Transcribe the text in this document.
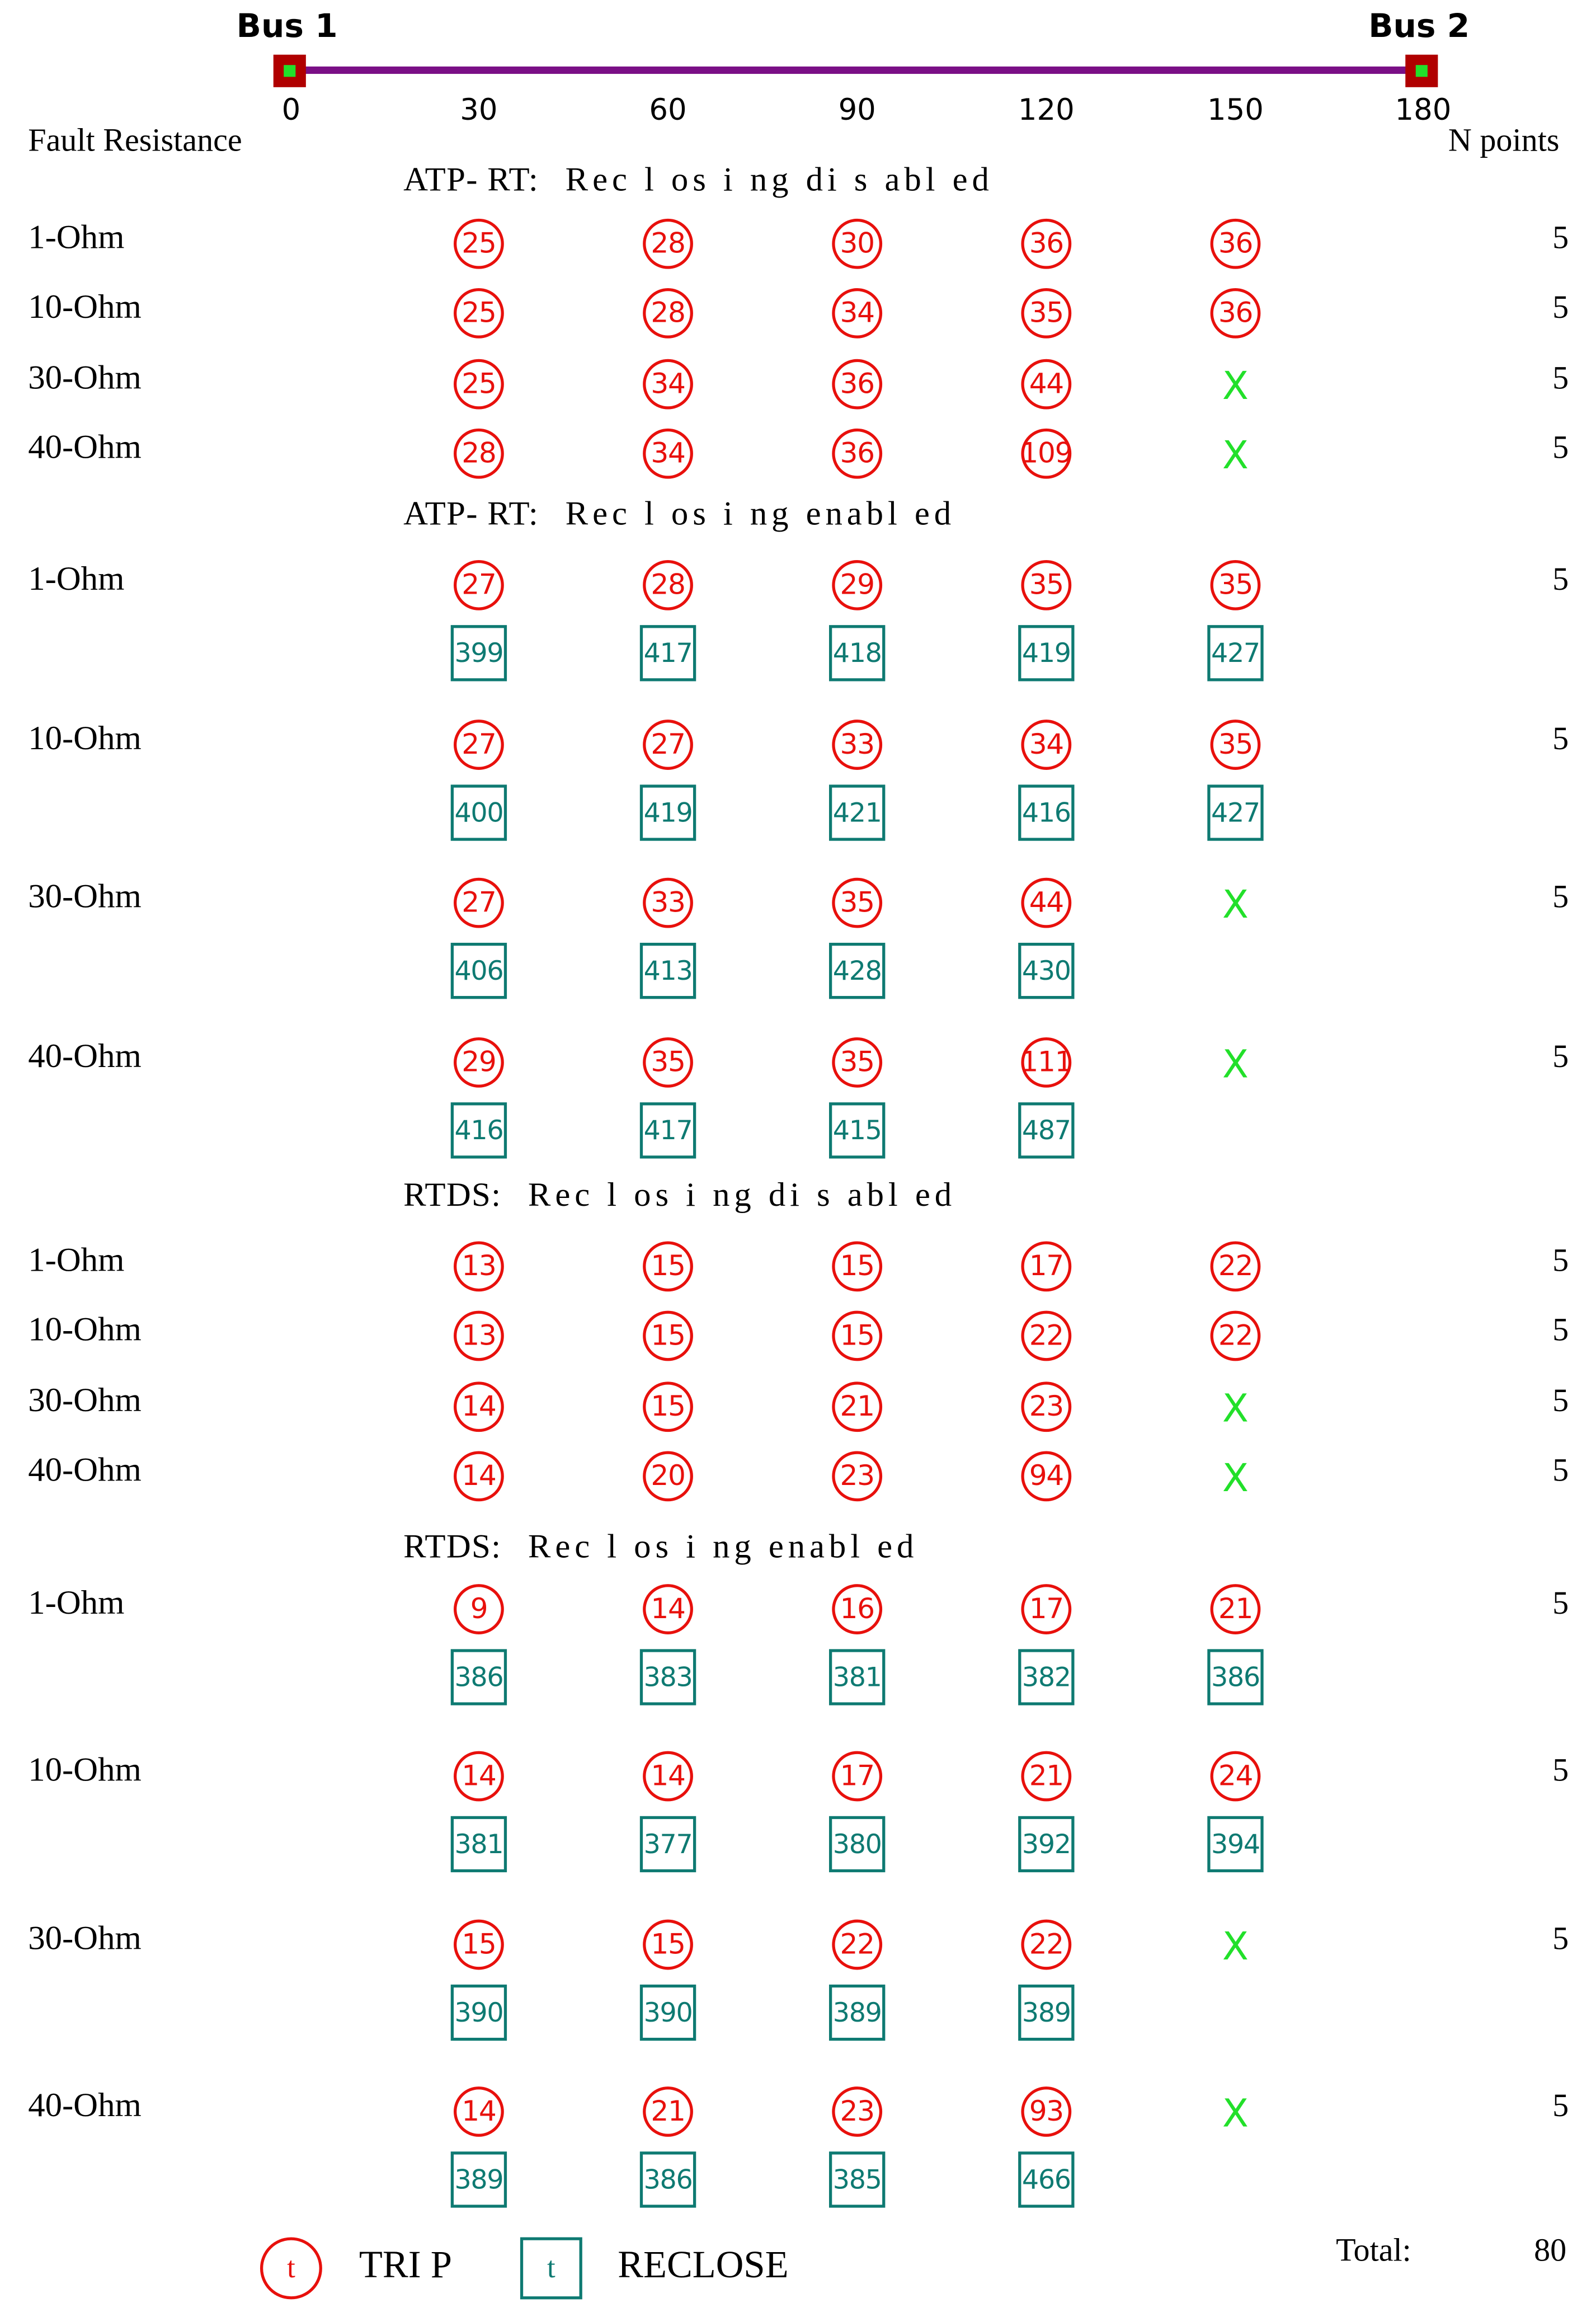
Bus 1	Bus 2
0	30	60	90	120	150	180
Fault Resistance	N points
ATP- RT: Rec l os i ng di s abl ed
1-Ohm	5
25	28	30	36	36
10-Ohm	5
25	28	34	35	36
30-Ohm	5
25	34	36	44	X
40-Ohm	5
28	34	36	109	X
ATP- RT: Rec l os i ng enabl ed
1-Ohm	5
27	28	29	35	35
399	417	418	419	427
10-Ohm	5
27	27	33	34	35
400	419	421	416	427
30-Ohm	5
27	33	35	44	X
406	413	428	430
40-Ohm	5
29	35	35	111	X
416	417	415	487
RTDS: Rec l os i ng di s abl ed
1-Ohm	5
13	15	15	17	22
10-Ohm	5
13	15	15	22	22
30-Ohm	5
14	15	21	23	X
40-Ohm	5
14	20	23	94	X
RTDS: Rec l os i ng enabl ed
1-Ohm	5
9	14	16	17	21
386	383	381	382	386
10-Ohm	5
14	14	17	21	24
381	377	380	392	394
30-Ohm	5
15	15	22	22	X
390	390	389	389
40-Ohm	5
14	21	23	93	X
389	386	385	466
t	TRI P	t	RECLOSE	Total:	80
